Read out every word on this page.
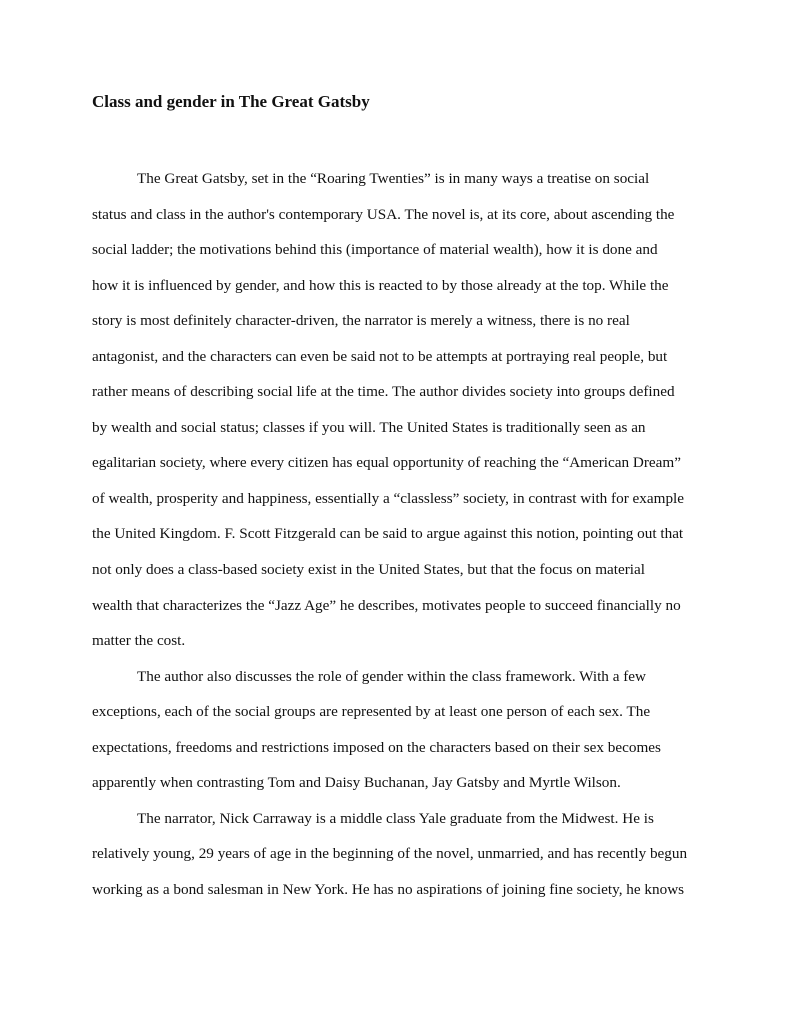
Class and gender in The Great Gatsby
The Great Gatsby, set in the “Roaring Twenties” is in many ways a treatise on social
status and class in the author's contemporary USA. The novel is, at its core, about ascending the
social ladder; the motivations behind this (importance of material wealth), how it is done and
how it is influenced by gender, and how this is reacted to by those already at the top. While the
story is most definitely character-driven, the narrator is merely a witness, there is no real
antagonist, and the characters can even be said not to be attempts at portraying real people, but
rather means of describing social life at the time. The author divides society into groups defined
by wealth and social status; classes if you will. The United States is traditionally seen as an
egalitarian society, where every citizen has equal opportunity of reaching the “American Dream”
of wealth, prosperity and happiness, essentially a “classless” society, in contrast with for example
the United Kingdom. F. Scott Fitzgerald can be said to argue against this notion, pointing out that
not only does a class-based society exist in the United States, but that the focus on material
wealth that characterizes the “Jazz Age” he describes, motivates people to succeed financially no
matter the cost.
The author also discusses the role of gender within the class framework. With a few
exceptions, each of the social groups are represented by at least one person of each sex. The
expectations, freedoms and restrictions imposed on the characters based on their sex becomes
apparently when contrasting Tom and Daisy Buchanan, Jay Gatsby and Myrtle Wilson.
The narrator, Nick Carraway is a middle class Yale graduate from the Midwest. He is
relatively young, 29 years of age in the beginning of the novel, unmarried, and has recently begun
working as a bond salesman in New York. He has no aspirations of joining fine society, he knows
